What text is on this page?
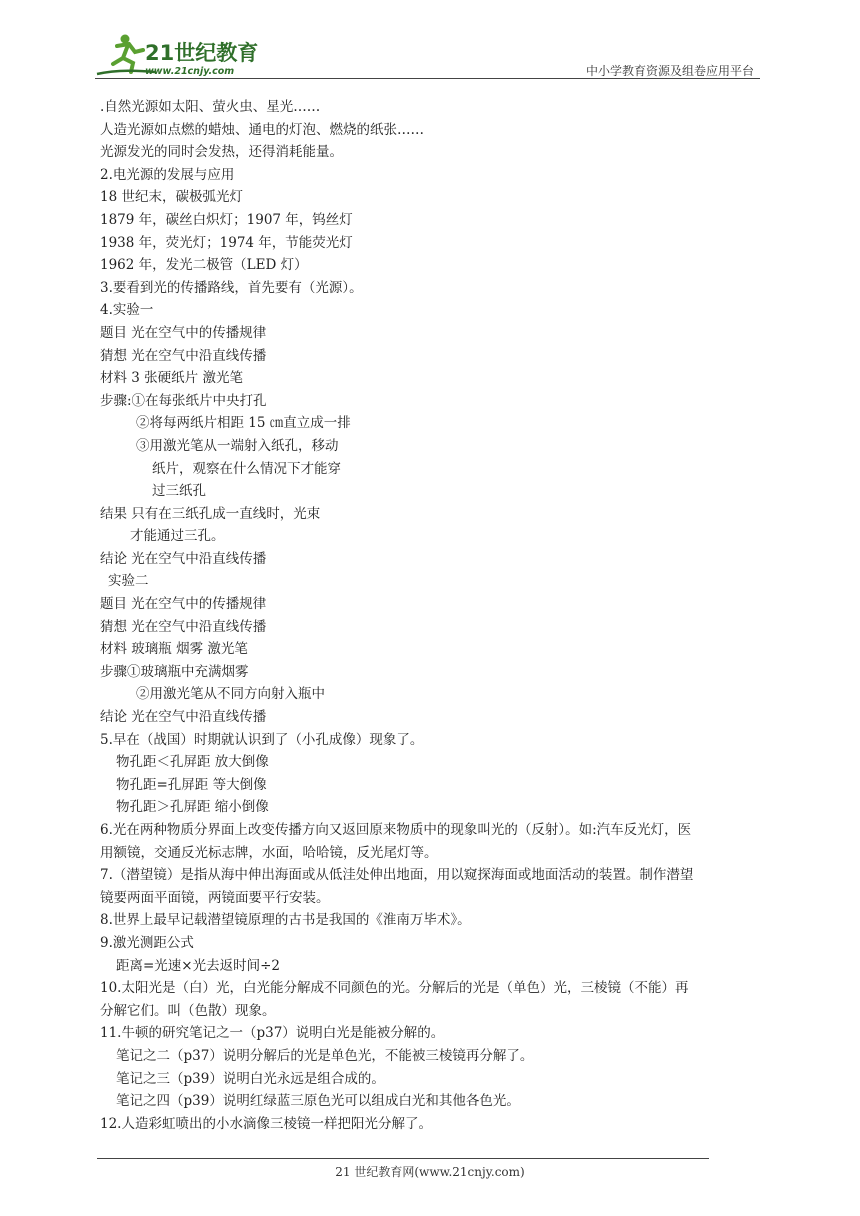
21世纪教育
www.21cnjy.com	中小学教育资源及组卷应用平台
.自然光源如太阳、萤火虫、星光……
人造光源如点燃的蜡烛、通电的灯泡、燃烧的纸张……
光源发光的同时会发热，还得消耗能量。
2.电光源的发展与应用
18 世纪末，碳极弧光灯
1879 年，碳丝白炽灯；1907 年，钨丝灯
1938 年，荧光灯；1974 年，节能荧光灯
1962 年，发光二极管（LED 灯）
3.要看到光的传播路线，首先要有（光源）。
4.实验一
题目 光在空气中的传播规律
猜想 光在空气中沿直线传播
材料 3 张硬纸片 激光笔
步骤:①在每张纸片中央打孔
②将每两纸片相距 15 ㎝直立成一排
③用激光笔从一端射入纸孔，移动
纸片，观察在什么情况下才能穿
过三纸孔
结果 只有在三纸孔成一直线时，光束
才能通过三孔。
结论 光在空气中沿直线传播
实验二
题目 光在空气中的传播规律
猜想 光在空气中沿直线传播
材料 玻璃瓶 烟雾 激光笔
步骤①玻璃瓶中充满烟雾
②用激光笔从不同方向射入瓶中
结论 光在空气中沿直线传播
5.早在（战国）时期就认识到了（小孔成像）现象了。
物孔距＜孔屏距 放大倒像
物孔距=孔屏距 等大倒像
物孔距＞孔屏距 缩小倒像
6.光在两种物质分界面上改变传播方向又返回原来物质中的现象叫光的（反射）。如:汽车反光灯，医
用额镜，交通反光标志牌，水面，哈哈镜，反光尾灯等。
7.（潜望镜）是指从海中伸出海面或从低洼处伸出地面，用以窥探海面或地面活动的装置。制作潜望
镜要两面平面镜，两镜面要平行安装。
8.世界上最早记载潜望镜原理的古书是我国的《淮南万毕术》。
9.激光测距公式
距离=光速×光去返时间÷2
10.太阳光是（白）光，白光能分解成不同颜色的光。分解后的光是（单色）光，三棱镜（不能）再
分解它们。叫（色散）现象。
11.牛顿的研究笔记之一（p37）说明白光是能被分解的。
笔记之二（p37）说明分解后的光是单色光，不能被三棱镜再分解了。
笔记之三（p39）说明白光永远是组合成的。
笔记之四（p39）说明红绿蓝三原色光可以组成白光和其他各色光。
12.人造彩虹喷出的小水滴像三棱镜一样把阳光分解了。
21 世纪教育网(www.21cnjy.com)
